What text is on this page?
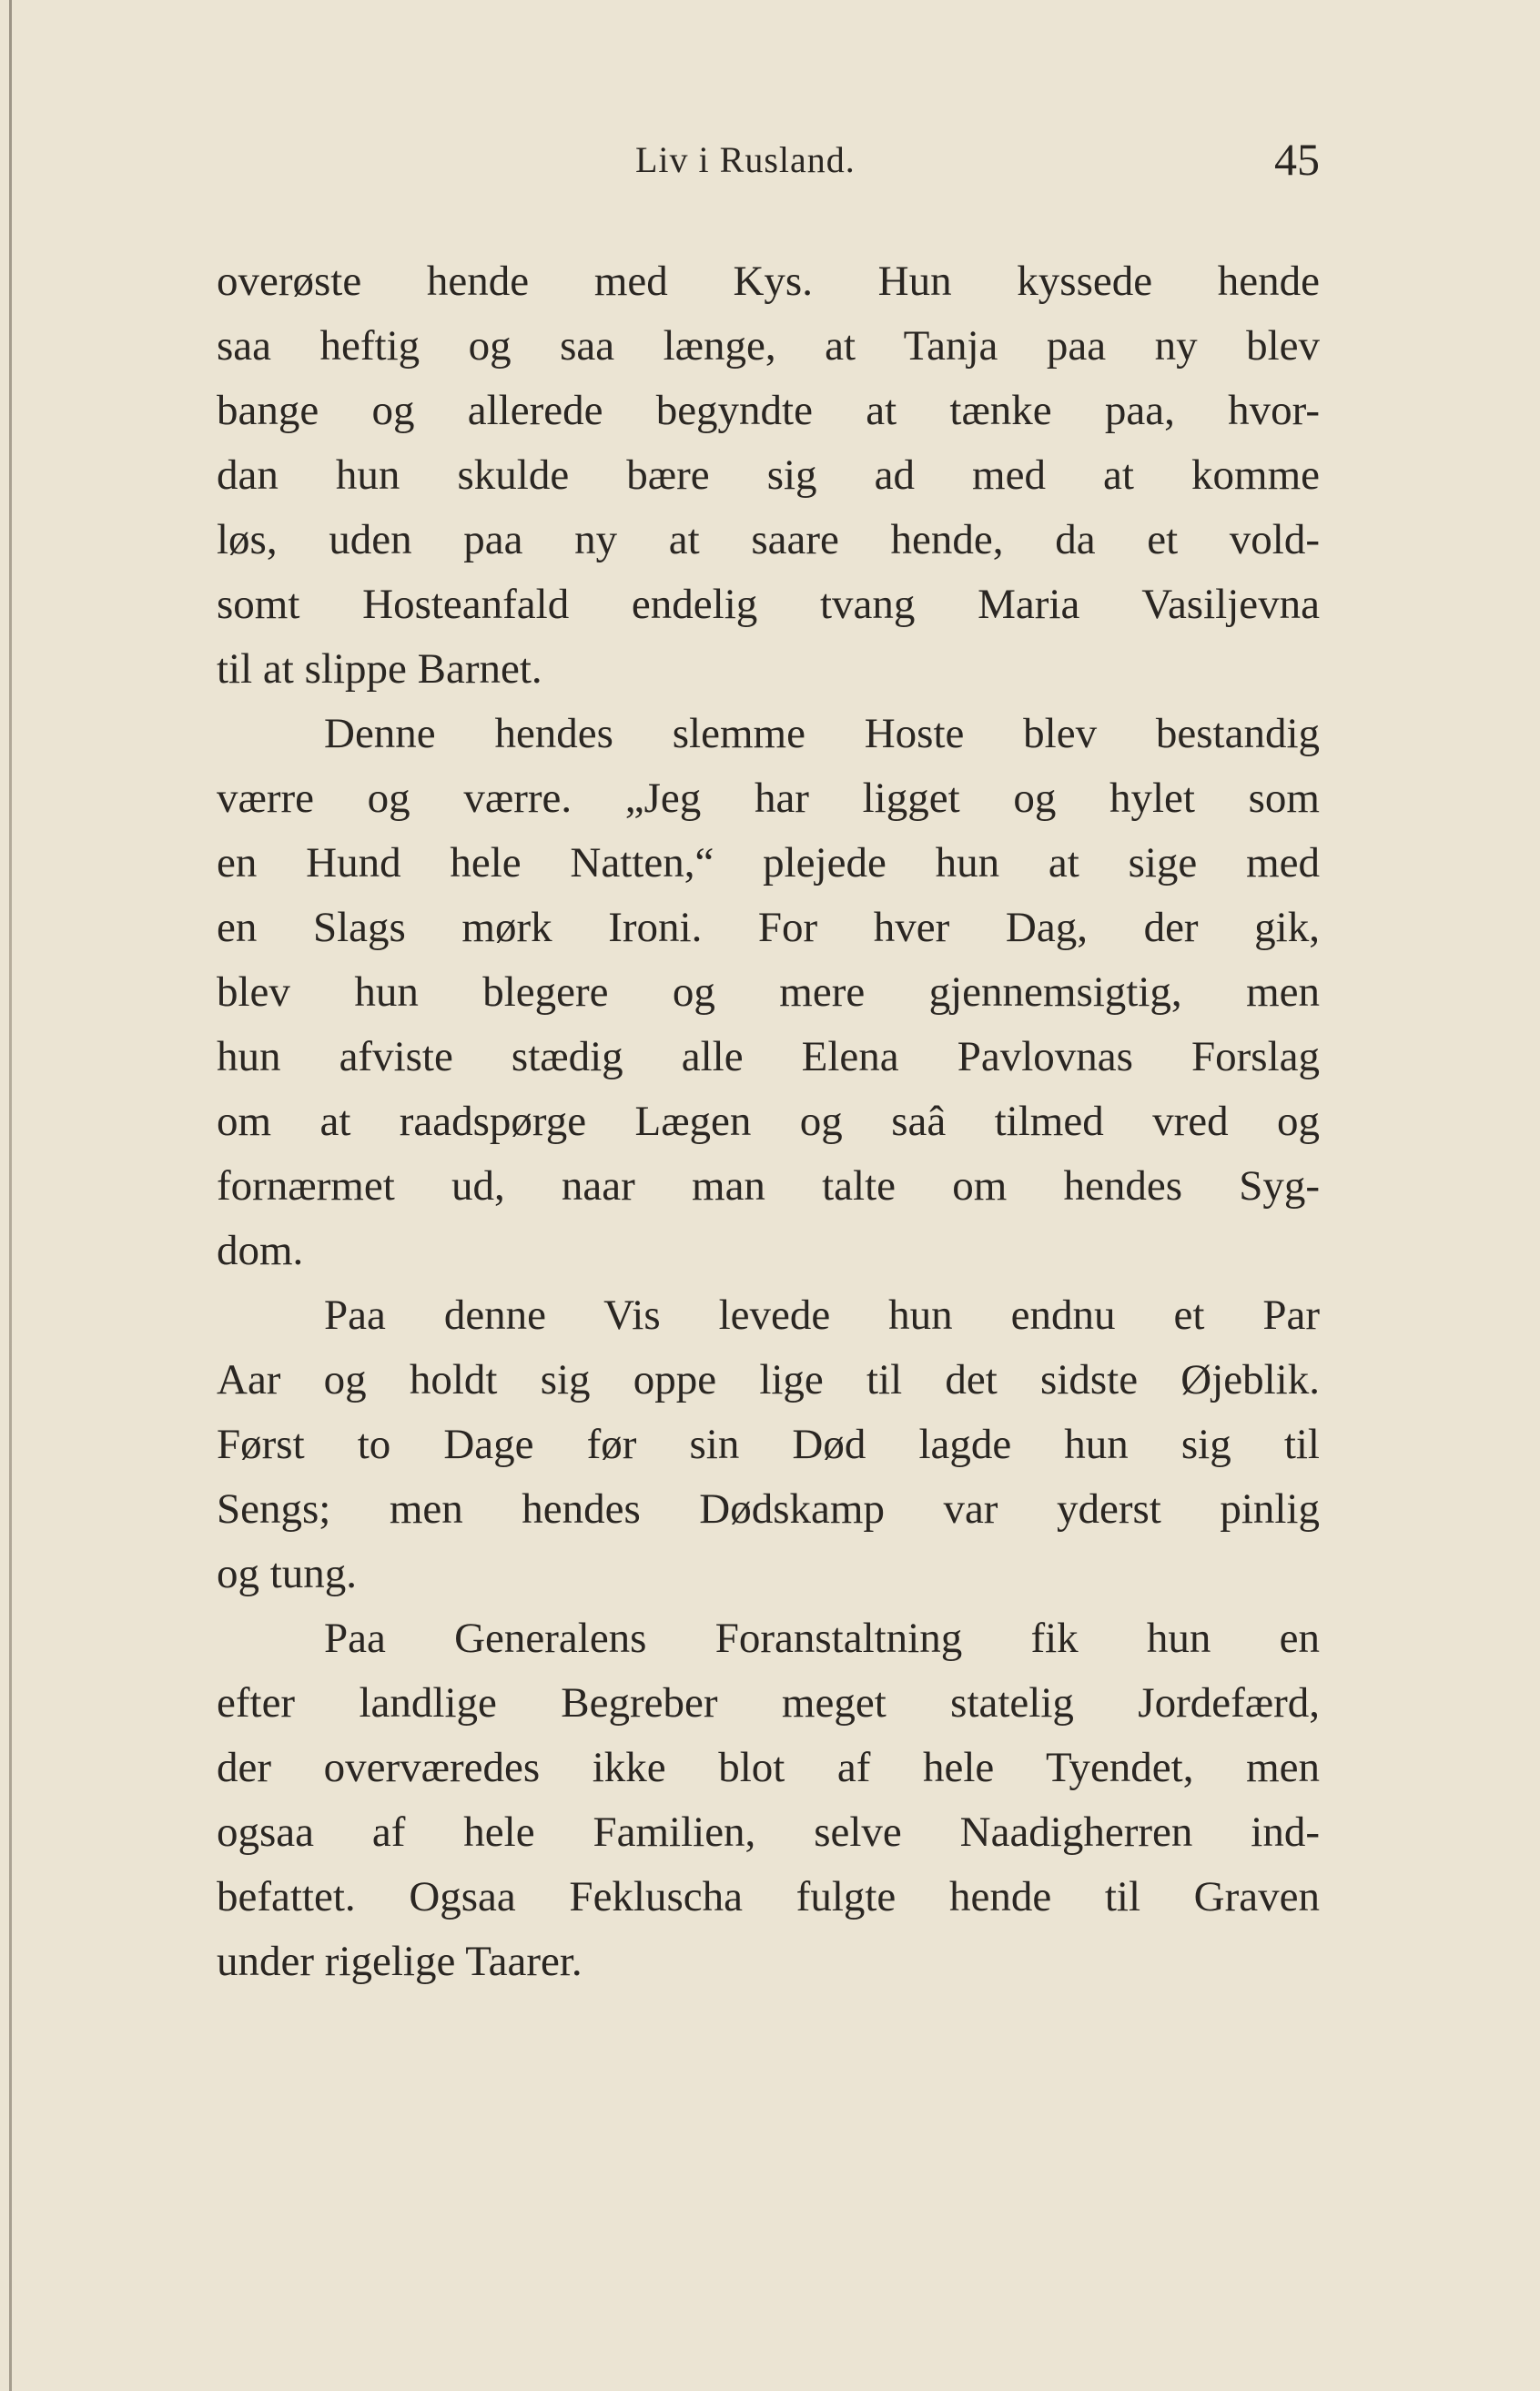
Liv i Rusland.	45
overøste hende med Kys. Hun kyssede hende
saa heftig og saa længe, at Tanja paa ny blev
bange og allerede begyndte at tænke paa, hvor-
dan hun skulde bære sig ad med at komme
løs, uden paa ny at saare hende, da et vold-
somt Hosteanfald endelig tvang Maria Vasiljevna
til at slippe Barnet.
Denne hendes slemme Hoste blev bestandig
værre og værre. „Jeg har ligget og hylet som
en Hund hele Natten,“ plejede hun at sige med
en Slags mørk Ironi. For hver Dag, der gik,
blev hun blegere og mere gjennemsigtig, men
hun afviste stædig alle Elena Pavlovnas Forslag
om at raadspørge Lægen og saâ tilmed vred og
fornærmet ud, naar man talte om hendes Syg-
dom.
Paa denne Vis levede hun endnu et Par
Aar og holdt sig oppe lige til det sidste Øjeblik.
Først to Dage før sin Død lagde hun sig til
Sengs; men hendes Dødskamp var yderst pinlig
og tung.
Paa Generalens Foranstaltning fik hun en
efter landlige Begreber meget statelig Jordefærd,
der overværedes ikke blot af hele Tyendet, men
ogsaa af hele Familien, selve Naadigherren ind-
befattet. Ogsaa Fekluscha fulgte hende til Graven
under rigelige Taarer.
